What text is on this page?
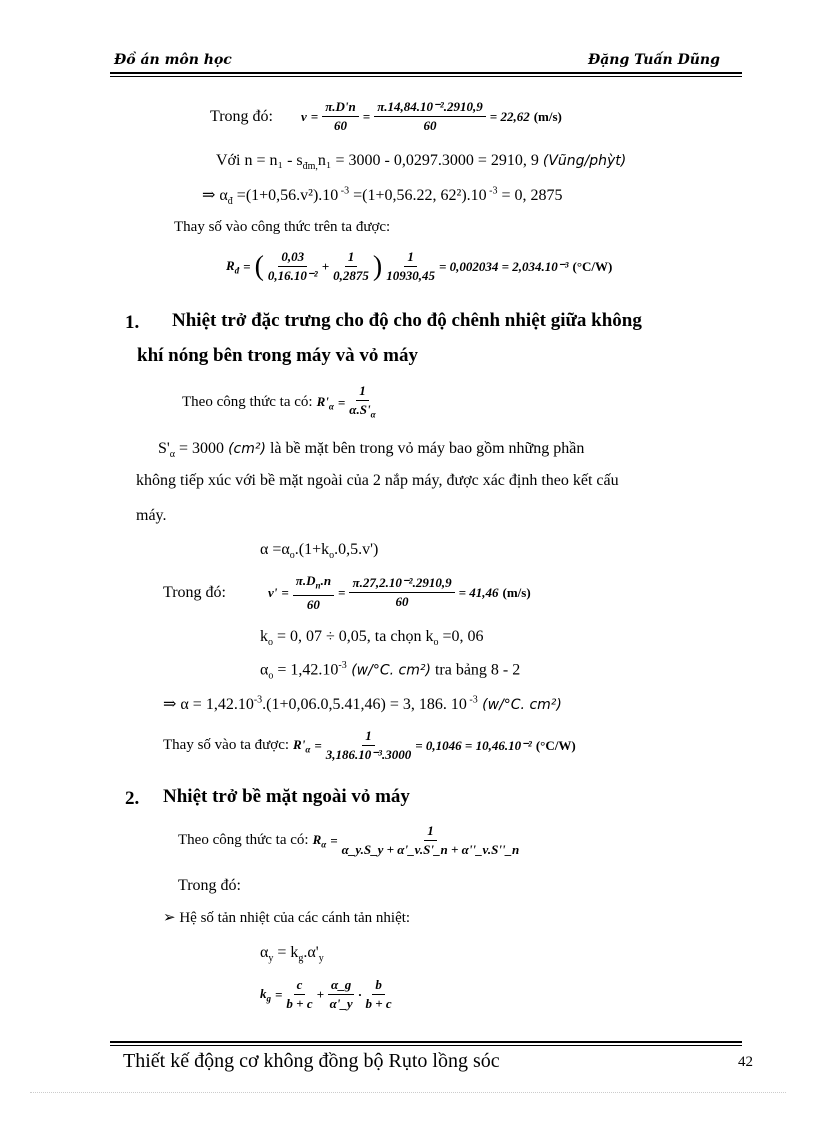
Đồ án môn học	Đặng Tuấn Dũng
Trong đó: $v = \frac{\pi.D'n}{60} = \frac{\text{π.14,84.10⁻².2910,9}}{60} = 22,62$ (m/s)
Với $n = n_1 - s_{đm,}n_1 = 3000 - 0,0297.3000 = 2910$, 9 (Vũng/phỳt)
⇒ $\alpha_đ =(1+0,56.v^2).10$ $^{-3}$ =(1+0,56.22, 62²).10 $^{-3}$ = 0, 2875
Thay số vào công thức trên ta được:
$R_đ$ = ( $\frac{0,03}{\text{0,16.10⁻²}} + \frac{1}{0,2875}$ ) $\frac{1}{10930,45} = 0,002034 = 2,034.10^{-3}$ (°C/W)
1. Nhiệt trở đặc trưng cho độ cho độ chênh nhiệt giữa không
khí nóng bên trong máy và vỏ máy
Theo công thức ta có: $R'_\alpha = \frac{1}{\alpha.S'_\alpha}$
$S'_\alpha = 3000$ (cm²) là bề mặt bên trong vỏ máy bao gồm những phần
không tiếp xúc với bề mặt ngoài của 2 nắp máy, được xác định theo kết cấu
máy.
$\alpha =\alpha_o.(1+k_o.0,5.v')$
Trong đó:	$v' = \frac{\pi.D_n.n}{60} = \frac{\text{π.27,2.10⁻².2910,9}}{60} = 41,46$ (m/s)
$k_o = 0$, 07 ÷ 0,05, ta chọn $k_o =0$, 06
$\alpha_o = 1,42.10^{-3}$ (w/°C. cm²) tra bảng 8 - 2
⇒ $\alpha = 1,42.10^{-3}.(1+0,06.0,5.41,46) = 3$, 186. 10 $^{-3}$ (w/°C. cm²)
Thay số vào ta được: $R'_\alpha = \frac{1}{\text{3,186.10⁻³.3000}} = 0,1046 = 10,46.10^{-2}$ (°C/W)
2. Nhiệt trở bề mặt ngoài vỏ máy
Theo công thức ta có: $R_\alpha = \frac{1}{\alpha\_y.S\_y + \alpha'\_v.S'\_n + \alpha''\_v.S''\_n}$
Trong đó:
➢ Hệ số tản nhiệt của các cánh tản nhiệt:
$\alpha_y = k_g.\alpha'_y$
$k_g = \frac{c}{b + c} + \frac{\alpha\_g}{\alpha'\_y} \cdot \frac{b}{b + c}$
Thiết kế động cơ không đồng bộ Rụto lồng sóc	42
